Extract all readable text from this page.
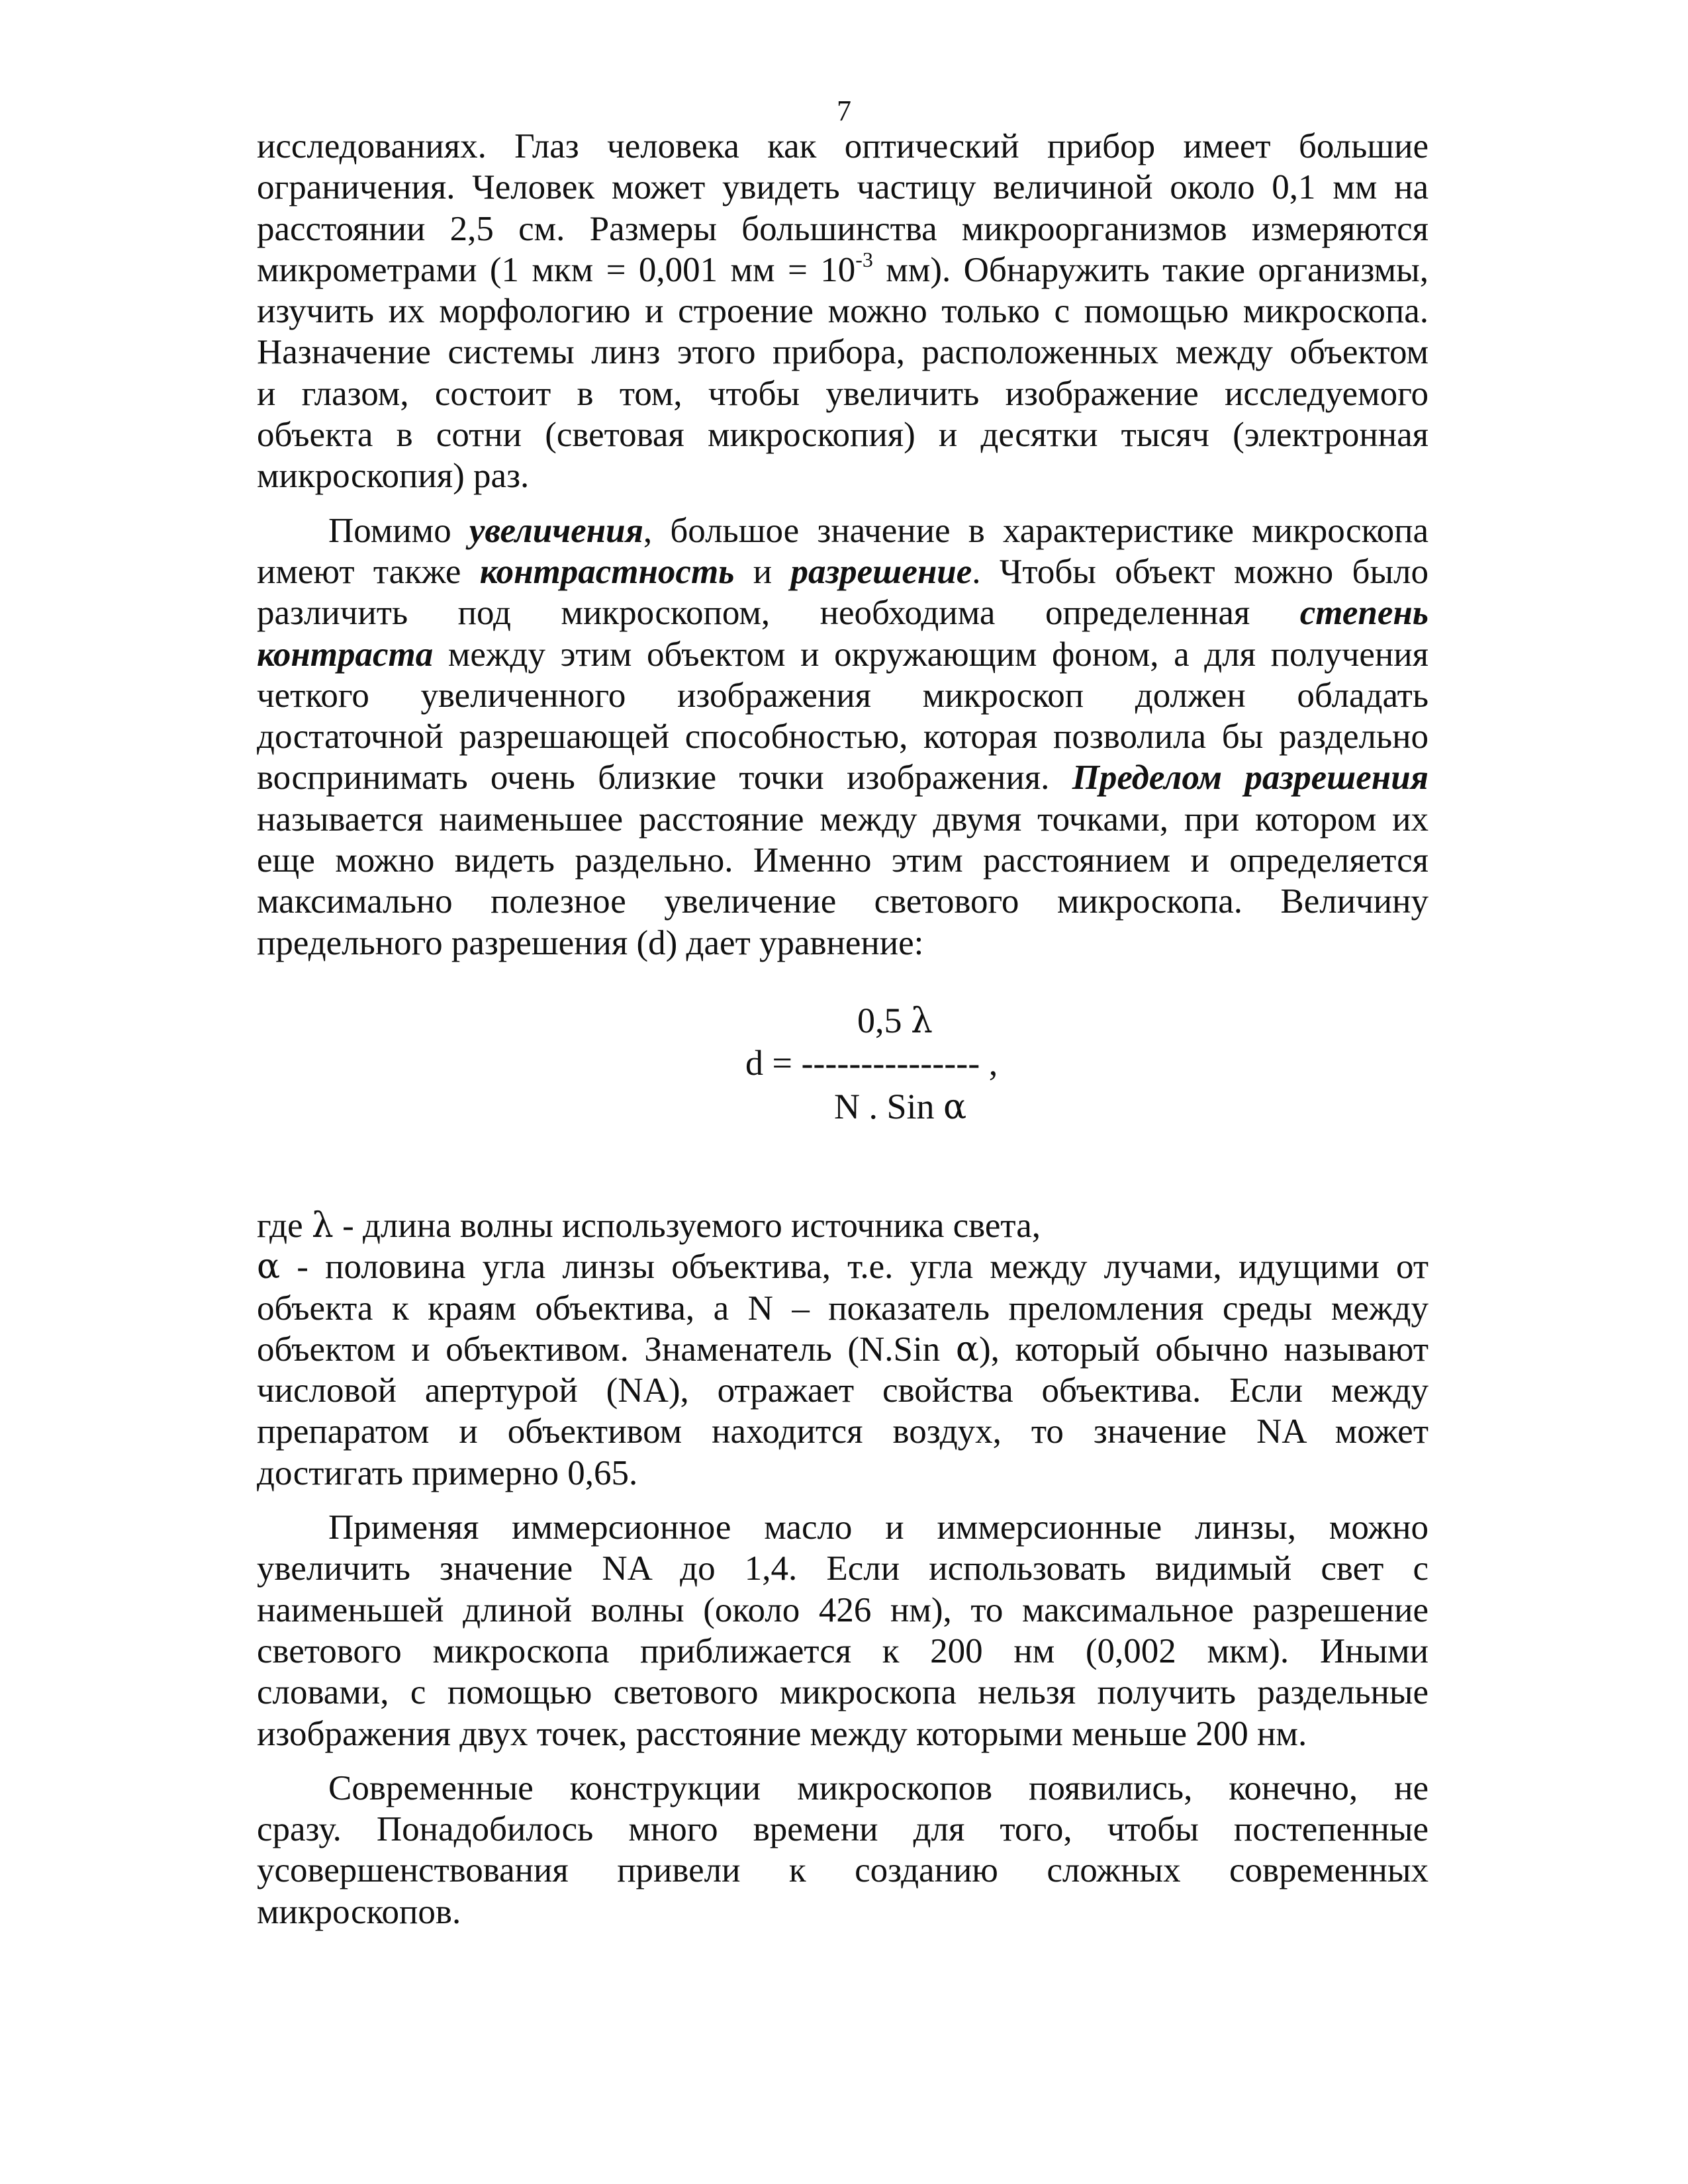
7
исследованиях. Глаз человека как оптический прибор имеет большие
ограничения. Человек может увидеть частицу величиной около 0,1 мм на
расстоянии 2,5 см. Размеры большинства микроорганизмов измеряются
микрометрами (1 мкм = 0,001 мм = $10^{-3}$ мм). Обнаружить такие организмы,
изучить их морфологию и строение можно только с помощью микроскопа.
Назначение системы линз этого прибора, расположенных между объектом
и глазом, состоит в том, чтобы увеличить изображение исследуемого
объекта в сотни (световая микроскопия) и десятки тысяч (электронная
микроскопия) раз.
Помимо увеличения, большое значение в характеристике микроскопа
имеют также контрастность и разрешение. Чтобы объект можно было
различить под микроскопом, необходима определенная степень
контраста между этим объектом и окружающим фоном, а для получения
четкого увеличенного изображения микроскоп должен обладать
достаточной разрешающей способностью, которая позволила бы раздельно
воспринимать очень близкие точки изображения. Пределом разрешения
называется наименьшее расстояние между двумя точками, при котором их
еще можно видеть раздельно. Именно этим расстоянием и определяется
максимально полезное увеличение светового микроскопа. Величину
предельного разрешения (d) дает уравнение:
0,5 λ
d = --------------- ,
N . Sin α
где λ - длина волны используемого источника света,
α - половина угла линзы объектива, т.е. угла между лучами, идущими от
объекта к краям объектива, а N – показатель преломления среды между
объектом и объективом. Знаменатель (N.Sin α), который обычно называют
числовой апертурой (NA), отражает свойства объектива. Если между
препаратом и объективом находится воздух, то значение NA может
достигать примерно 0,65.
Применяя иммерсионное масло и иммерсионные линзы, можно
увеличить значение NA до 1,4. Если использовать видимый свет с
наименьшей длиной волны (около 426 нм), то максимальное разрешение
светового микроскопа приближается к 200 нм (0,002 мкм). Иными
словами, с помощью светового микроскопа нельзя получить раздельные
изображения двух точек, расстояние между которыми меньше 200 нм.
Современные конструкции микроскопов появились, конечно, не
сразу. Понадобилось много времени для того, чтобы постепенные
усовершенствования привели к созданию сложных современных
микроскопов.
